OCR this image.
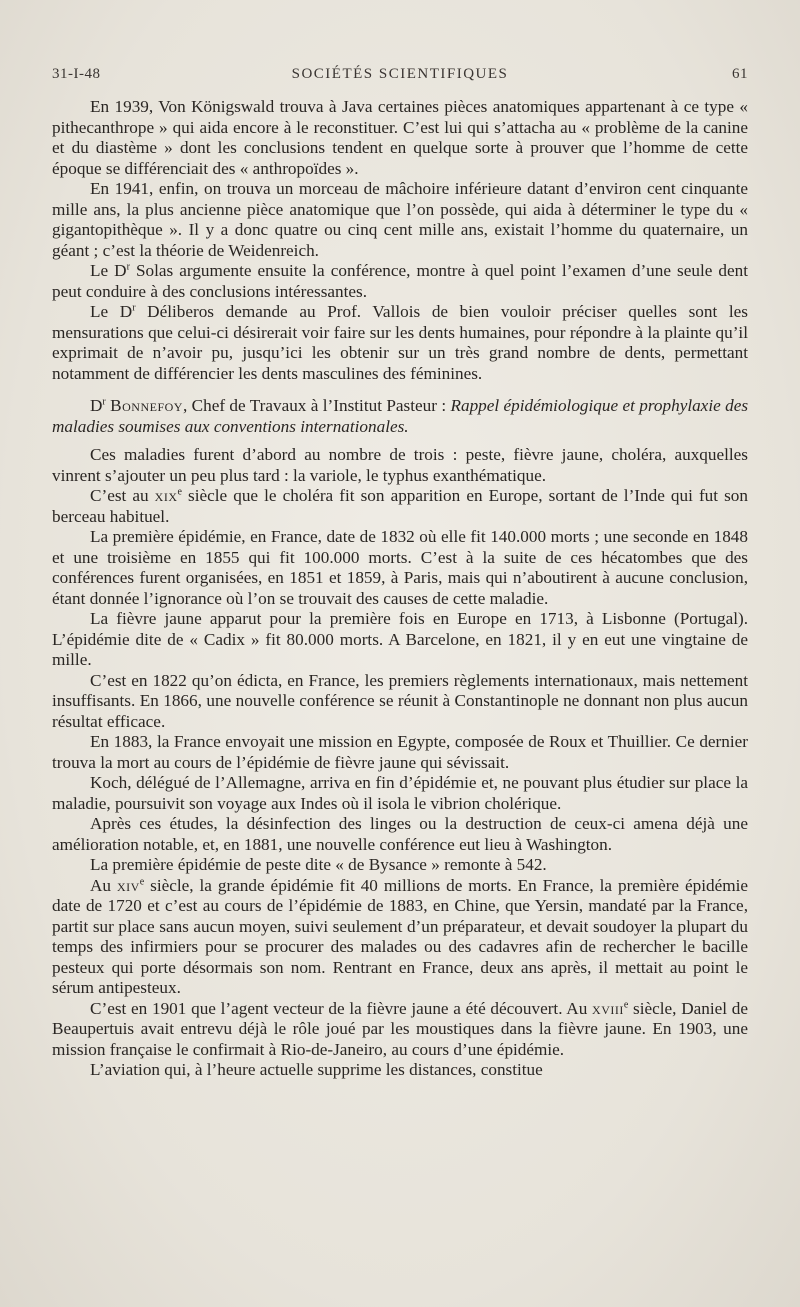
31-I-48	SOCIÉTÉS SCIENTIFIQUES	61

En 1939, Von Königswald trouva à Java certaines pièces anatomiques appartenant à ce type « pithecanthrope » qui aida encore à le reconstituer. C’est lui qui s’attacha au « problème de la canine et du diastème » dont les conclusions tendent en quelque sorte à prouver que l’homme de cette époque se différenciait des « anthropoïdes ».

En 1941, enfin, on trouva un morceau de mâchoire inférieure datant d’environ cent cinquante mille ans, la plus ancienne pièce anatomique que l’on possède, qui aida à déterminer le type du « gigantopithèque ». Il y a donc quatre ou cinq cent mille ans, existait l’homme du quaternaire, un géant ; c’est la théorie de Weidenreich.

Le $D^r$ Solas argumente ensuite la conférence, montre à quel point l’examen d’une seule dent peut conduire à des conclusions intéressantes.

Le $D^r$ Déliberos demande au Prof. Vallois de bien vouloir préciser quelles sont les mensurations que celui-ci désirerait voir faire sur les dents humaines, pour répondre à la plainte qu’il exprimait de n’avoir pu, jusqu’ici les obtenir sur un très grand nombre de dents, permettant notamment de différencier les dents masculines des féminines.

$D^r$ Bonnefoy, Chef de Travaux à l’Institut Pasteur : Rappel épidémiologique et prophylaxie des maladies soumises aux conventions internationales.

Ces maladies furent d’abord au nombre de trois : peste, fièvre jaune, choléra, auxquelles vinrent s’ajouter un peu plus tard : la variole, le typhus exanthématique.

C’est au xix$^e$ siècle que le choléra fit son apparition en Europe, sortant de l’Inde qui fut son berceau habituel.

La première épidémie, en France, date de 1832 où elle fit 140.000 morts ; une seconde en 1848 et une troisième en 1855 qui fit 100.000 morts. C’est à la suite de ces hécatombes que des conférences furent organisées, en 1851 et 1859, à Paris, mais qui n’aboutirent à aucune conclusion, étant donnée l’ignorance où l’on se trouvait des causes de cette maladie.

La fièvre jaune apparut pour la première fois en Europe en 1713, à Lisbonne (Portugal). L’épidémie dite de « Cadix » fit 80.000 morts. A Barcelone, en 1821, il y en eut une vingtaine de mille.

C’est en 1822 qu’on édicta, en France, les premiers règlements internationaux, mais nettement insuffisants. En 1866, une nouvelle conférence se réunit à Constantinople ne donnant non plus aucun résultat efficace.

En 1883, la France envoyait une mission en Egypte, composée de Roux et Thuillier. Ce dernier trouva la mort au cours de l’épidémie de fièvre jaune qui sévissait.

Koch, délégué de l’Allemagne, arriva en fin d’épidémie et, ne pouvant plus étudier sur place la maladie, poursuivit son voyage aux Indes où il isola le vibrion cholérique.

Après ces études, la désinfection des linges ou la destruction de ceux-ci amena déjà une amélioration notable, et, en 1881, une nouvelle conférence eut lieu à Washington.

La première épidémie de peste dite « de Bysance » remonte à 542.

Au xiv$^e$ siècle, la grande épidémie fit 40 millions de morts. En France, la première épidémie date de 1720 et c’est au cours de l’épidémie de 1883, en Chine, que Yersin, mandaté par la France, partit sur place sans aucun moyen, suivi seulement d’un préparateur, et devait soudoyer la plupart du temps des infirmiers pour se procurer des malades ou des cadavres afin de rechercher le bacille pesteux qui porte désormais son nom. Rentrant en France, deux ans après, il mettait au point le sérum antipesteux.

C’est en 1901 que l’agent vecteur de la fièvre jaune a été découvert. Au xviii$^e$ siècle, Daniel de Beaupertuis avait entrevu déjà le rôle joué par les moustiques dans la fièvre jaune. En 1903, une mission française le confirmait à Rio-de-Janeiro, au cours d’une épidémie.

L’aviation qui, à l’heure actuelle supprime les distances, constitue
